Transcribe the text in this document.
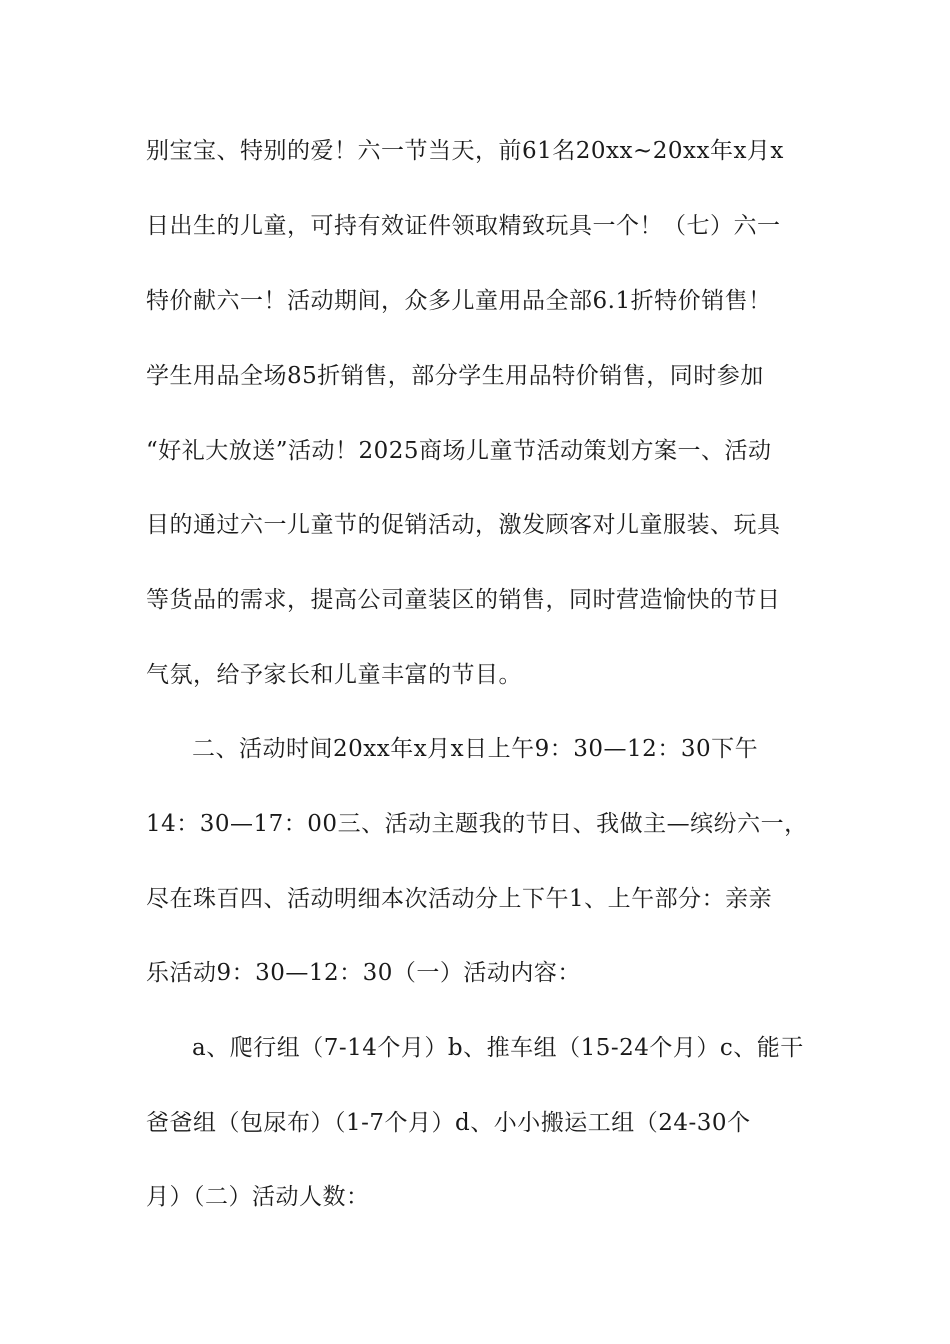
别宝宝、特别的爱！六一节当天，前61名20xx~20xx年x月x
日出生的儿童，可持有效证件领取精致玩具一个！（七）六一
特价献六一！活动期间，众多儿童用品全部6.1折特价销售！
学生用品全场85折销售，部分学生用品特价销售，同时参加
“好礼大放送”活动！2025商场儿童节活动策划方案一、活动
目的通过六一儿童节的促销活动，激发顾客对儿童服装、玩具
等货品的需求，提高公司童装区的销售，同时营造愉快的节日
气氛，给予家长和儿童丰富的节目。
二、活动时间20xx年x月x日上午9：30—12：30下午
14：30—17：00三、活动主题我的节日、我做主—缤纷六一，
尽在珠百四、活动明细本次活动分上下午1、上午部分：亲亲
乐活动9：30—12：30（一）活动内容：
a、爬行组（7-14个月）b、推车组（15-24个月）c、能干
爸爸组（包尿布）（1-7个月）d、小小搬运工组（24-30个
月）（二）活动人数：
